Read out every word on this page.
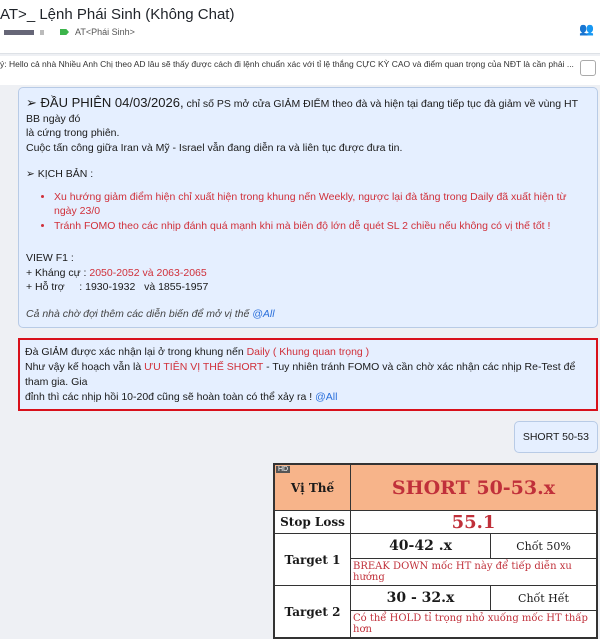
AT>_ Lệnh Phái Sinh (Không Chat)
AT<Phái Sinh>	👥
ý: Hello cả nhà Nhiều Anh Chị theo AD lâu sẽ thấy được cách đi lệnh chuẩn xác với tỉ lệ thắng CỰC KỲ CAO và điểm quan trọng của NĐT là cần phải ...
➢ ĐẦU PHIÊN 04/03/2026, chỉ số PS mở cửa GIẢM ĐIỂM theo đà và hiện tại đang tiếp tục đà giảm về vùng HT BB ngày đó
là cứng trong phiên.
Cuộc tấn công giữa Iran và Mỹ - Israel vẫn đang diễn ra và liên tục được đưa tin.
➢ KỊCH BẢN :
• Xu hướng giảm điểm hiện chỉ xuất hiện trong khung nến Weekly, ngược lại đà tăng trong Daily đã xuất hiện từ ngày 23/0
• Tránh FOMO theo các nhịp đánh quá mạnh khi mà biên độ lớn dễ quét SL 2 chiều nếu không có vị thế tốt !
VIEW F1 :
+ Kháng cự : 2050-2052 và 2063-2065
+ Hỗ trợ     : 1930-1932   và 1855-1957
Cả nhà chờ đợi thêm các diễn biến để mở vị thế @All
Đà GIẢM được xác nhận lại ở trong khung nến Daily ( Khung quan trọng )
Như vậy kế hoạch vẫn là ƯU TIÊN VỊ THẾ SHORT - Tuy nhiên tránh FOMO và cần chờ xác nhận các nhịp Re-Test để tham gia. Gia
đỉnh thì các nhịp hồi 10-20đ cũng sẽ hoàn toàn có thể xảy ra ! @All
SHORT 50-53
HD
Vị Thế	SHORT 50-53.x	
Stop Loss	55.1	
Target 1	40-42 .x	Chốt 50%
	BREAK DOWN mốc HT này để tiếp diễn xu hướng	
Target 2	30 - 32.x	Chốt Hết
	Có thể HOLD tỉ trọng nhỏ xuống mốc HT thấp hơn	
